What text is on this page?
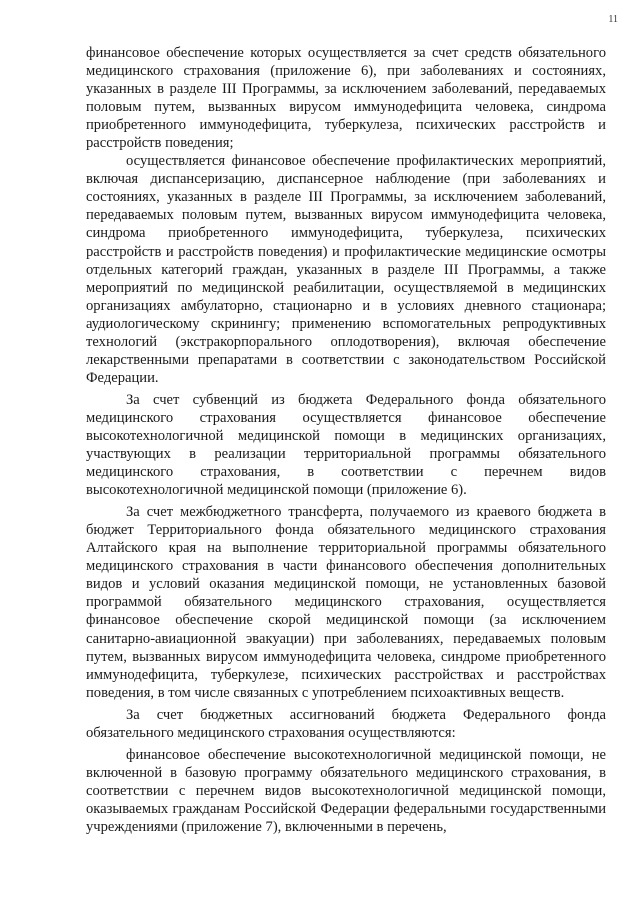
11

финансовое обеспечение которых осуществляется за счет средств обязательного медицинского страхования (приложение 6), при заболеваниях и состояниях, указанных в разделе III Программы, за исключением заболеваний, передаваемых половым путем, вызванных вирусом иммунодефицита человека, синдрома приобретенного иммунодефицита, туберкулеза, психических расстройств и расстройств поведения;

осуществляется финансовое обеспечение профилактических мероприятий, включая диспансеризацию, диспансерное наблюдение (при заболеваниях и состояниях, указанных в разделе III Программы, за исключением заболеваний, передаваемых половым путем, вызванных вирусом иммунодефицита человека, синдрома приобретенного иммунодефицита, туберкулеза, психических расстройств и расстройств поведения) и профилактические медицинские осмотры отдельных категорий граждан, указанных в разделе III Программы, а также мероприятий по медицинской реабилитации, осуществляемой в медицинских организациях амбулаторно, стационарно и в условиях дневного стационара; аудиологическому скринингу; применению вспомогательных репродуктивных технологий (экстракорпорального оплодотворения), включая обеспечение лекарственными препаратами в соответствии с законодательством Российской Федерации.

За счет субвенций из бюджета Федерального фонда обязательного медицинского страхования осуществляется финансовое обеспечение высокотехнологичной медицинской помощи в медицинских организациях, участвующих в реализации территориальной программы обязательного медицинского страхования, в соответствии с перечнем видов высокотехнологичной медицинской помощи (приложение 6).

За счет межбюджетного трансферта, получаемого из краевого бюджета в бюджет Территориального фонда обязательного медицинского страхования Алтайского края на выполнение территориальной программы обязательного медицинского страхования в части финансового обеспечения дополнительных видов и условий оказания медицинской помощи, не установленных базовой программой обязательного медицинского страхования, осуществляется финансовое обеспечение скорой медицинской помощи (за исключением санитарно-авиационной эвакуации) при заболеваниях, передаваемых половым путем, вызванных вирусом иммунодефицита человека, синдроме приобретенного иммунодефицита, туберкулезе, психических расстройствах и расстройствах поведения, в том числе связанных с употреблением психоактивных веществ.

За счет бюджетных ассигнований бюджета Федерального фонда обязательного медицинского страхования осуществляются:

финансовое обеспечение высокотехнологичной медицинской помощи, не включенной в базовую программу обязательного медицинского страхования, в соответствии с перечнем видов высокотехнологичной медицинской помощи, оказываемых гражданам Российской Федерации федеральными государственными учреждениями (приложение 7), включенными в перечень,
